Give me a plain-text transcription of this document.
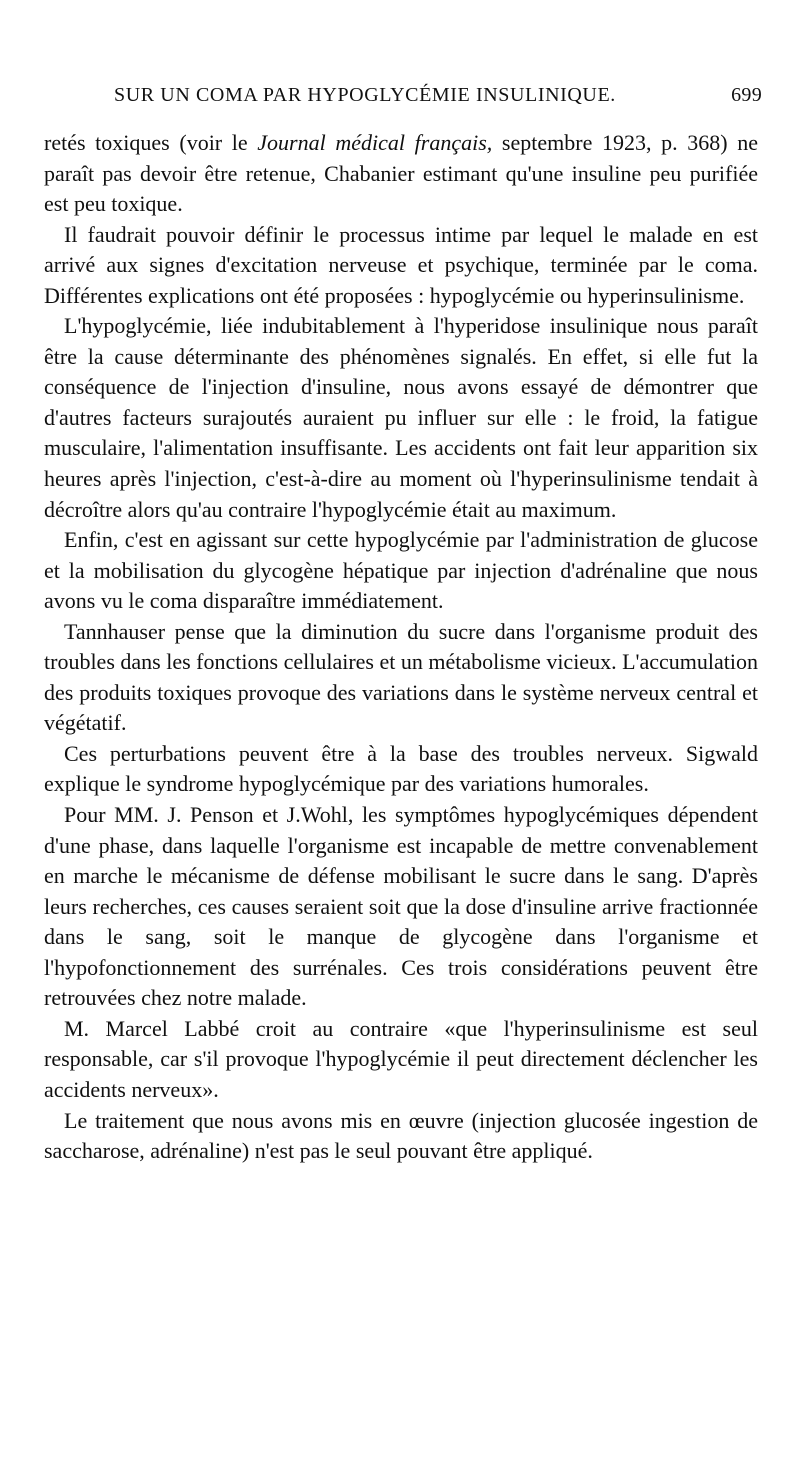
SUR UN COMA PAR HYPOGLYCÉMIE INSULINIQUE.	699

retés toxiques (voir le Journal médical français, septembre 1923, p. 368) ne paraît pas devoir être retenue, Chabanier estimant qu'une insuline peu purifiée est peu toxique.

Il faudrait pouvoir définir le processus intime par lequel le malade en est arrivé aux signes d'excitation nerveuse et psychique, terminée par le coma. Différentes explications ont été proposées : hypoglycémie ou hyperinsulinisme.

L'hypoglycémie, liée indubitablement à l'hyperidose insulinique nous paraît être la cause déterminante des phénomènes signalés. En effet, si elle fut la conséquence de l'injection d'insuline, nous avons essayé de démontrer que d'autres facteurs surajoutés auraient pu influer sur elle : le froid, la fatigue musculaire, l'alimentation insuffisante. Les accidents ont fait leur apparition six heures après l'injection, c'est-à-dire au moment où l'hyperinsulinisme tendait à décroître alors qu'au contraire l'hypoglycémie était au maximum.

Enfin, c'est en agissant sur cette hypoglycémie par l'administration de glucose et la mobilisation du glycogène hépatique par injection d'adrénaline que nous avons vu le coma disparaître immédiatement.

Tannhauser pense que la diminution du sucre dans l'organisme produit des troubles dans les fonctions cellulaires et un métabolisme vicieux. L'accumulation des produits toxiques provoque des variations dans le système nerveux central et végétatif.

Ces perturbations peuvent être à la base des troubles nerveux. Sigwald explique le syndrome hypoglycémique par des variations humorales.

Pour MM. J. Penson et J.Wohl, les symptômes hypoglycémiques dépendent d'une phase, dans laquelle l'organisme est incapable de mettre convenablement en marche le mécanisme de défense mobilisant le sucre dans le sang. D'après leurs recherches, ces causes seraient soit que la dose d'insuline arrive fractionnée dans le sang, soit le manque de glycogène dans l'organisme et l'hypofonctionnement des surrénales. Ces trois considérations peuvent être retrouvées chez notre malade.

M. Marcel Labbé croit au contraire «que l'hyperinsulinisme est seul responsable, car s'il provoque l'hypoglycémie il peut directement déclencher les accidents nerveux».

Le traitement que nous avons mis en œuvre (injection glucosée ingestion de saccharose, adrénaline) n'est pas le seul pouvant être appliqué.
